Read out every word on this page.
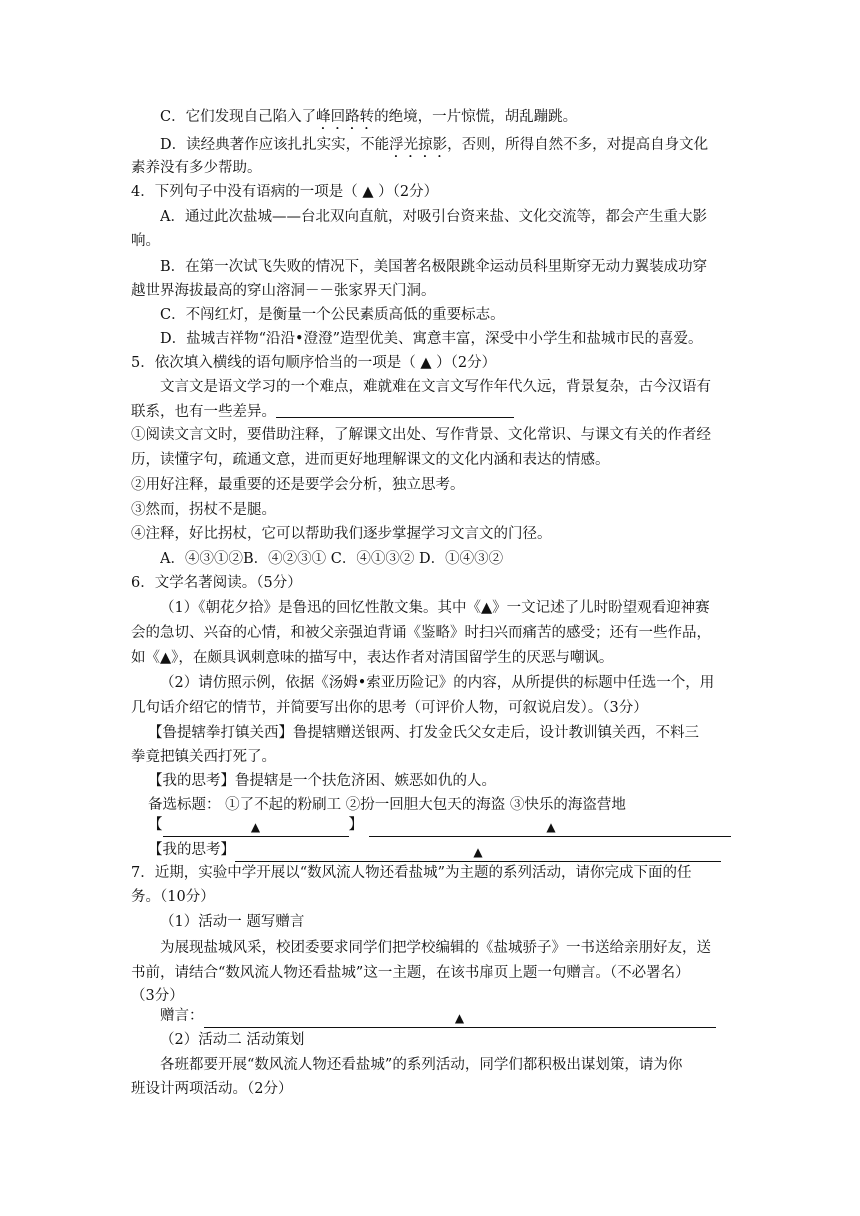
C．它们发现自己陷入了峰回路转的绝境，一片惊慌，胡乱蹦跳。
D．读经典著作应该扎扎实实，不能浮光掠影，否则，所得自然不多，对提高自身文化
素养没有多少帮助。
4．下列句子中没有语病的一项是（ ▲ ）（2分）
A．通过此次盐城——台北双向直航，对吸引台资来盐、文化交流等，都会产生重大影
响。
B．在第一次试飞失败的情况下，美国著名极限跳伞运动员科里斯穿无动力翼装成功穿
越世界海拔最高的穿山溶洞－－张家界天门洞。
C．不闯红灯，是衡量一个公民素质高低的重要标志。
D．盐城吉祥物“沿沿•澄澄”造型优美、寓意丰富，深受中小学生和盐城市民的喜爱。
5．依次填入横线的语句顺序恰当的一项是（ ▲ ）（2分）
文言文是语文学习的一个难点，难就难在文言文写作年代久远，背景复杂，古今汉语有
联系，也有一些差异。
①阅读文言文时，要借助注释，了解课文出处、写作背景、文化常识、与课文有关的作者经
历，读懂字句，疏通文意，进而更好地理解课文的文化内涵和表达的情感。
②用好注释，最重要的还是要学会分析，独立思考。
③然而，拐杖不是腿。
④注释，好比拐杖，它可以帮助我们逐步掌握学习文言文的门径。
A．④③①②B．④②③① C．④①③② D．①④③②
6．文学名著阅读。（5分）
（1）《朝花夕拾》是鲁迅的回忆性散文集。其中《▲》一文记述了儿时盼望观看迎神赛
会的急切、兴奋的心情，和被父亲强迫背诵《鉴略》时扫兴而痛苦的感受；还有一些作品，
如《▲》，在颇具讽刺意味的描写中，表达作者对清国留学生的厌恶与嘲讽。
（2）请仿照示例，依据《汤姆•索亚历险记》的内容，从所提供的标题中任选一个，用
几句话介绍它的情节，并简要写出你的思考（可评价人物，可叙说启发）。（3分）
【鲁提辖拳打镇关西】鲁提辖赠送银两、打发金氏父女走后，设计教训镇关西，不料三
拳竟把镇关西打死了。
【我的思考】鲁提辖是一个扶危济困、嫉恶如仇的人。
备选标题： ①了不起的粉刷工 ②扮一回胆大包天的海盗 ③快乐的海盗营地
【	▲	】	▲
【我的思考】	▲
7．近期，实验中学开展以“数风流人物还看盐城”为主题的系列活动，请你完成下面的任
务。（10分）
（1）活动一 题写赠言
为展现盐城风采，校团委要求同学们把学校编辑的《盐城骄子》一书送给亲朋好友，送
书前，请结合“数风流人物还看盐城”这一主题，在该书扉页上题一句赠言。（不必署名）
（3分）
赠言：	▲
（2）活动二 活动策划
各班都要开展“数风流人物还看盐城”的系列活动，同学们都积极出谋划策，请为你
班设计两项活动。（2分）
